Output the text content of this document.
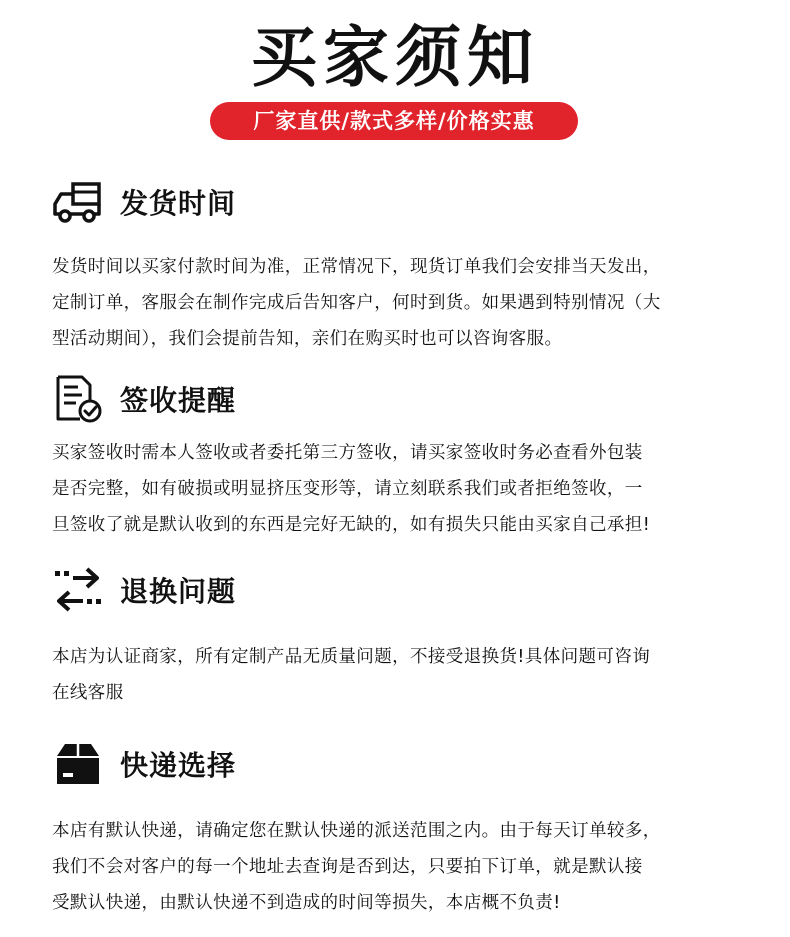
买家须知
厂家直供/款式多样/价格实惠
发货时间
发货时间以买家付款时间为准，正常情况下，现货订单我们会安排当天发出，
定制订单，客服会在制作完成后告知客户，何时到货。如果遇到特别情况（大
型活动期间），我们会提前告知，亲们在购买时也可以咨询客服。
签收提醒
买家签收时需本人签收或者委托第三方签收，请买家签收时务必查看外包装
是否完整，如有破损或明显挤压变形等，请立刻联系我们或者拒绝签收，一
旦签收了就是默认收到的东西是完好无缺的，如有损失只能由买家自己承担!
退换问题
本店为认证商家，所有定制产品无质量问题，不接受退换货!具体问题可咨询
在线客服
快递选择
本店有默认快递，请确定您在默认快递的派送范围之内。由于每天订单较多，
我们不会对客户的每一个地址去查询是否到达，只要拍下订单，就是默认接
受默认快递，由默认快递不到造成的时间等损失，本店概不负责!
